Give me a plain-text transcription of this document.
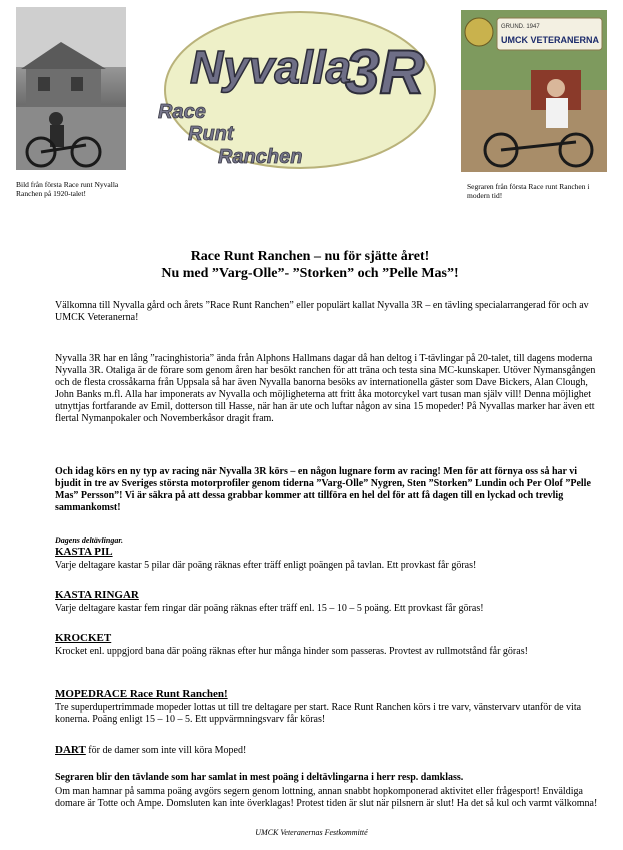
Bild från första Race runt Nyvalla Ranchen på 1920-talet!
Nyvalla
3R
Race
Runt
Ranchen
GRUND. 1947
UMCK VETERANERNA
Segraren från första Race runt Ranchen i modern tid!
Race Runt Ranchen – nu för sjätte året!
Nu med ”Varg-Olle”- ”Storken” och ”Pelle Mas”!
Välkomna till Nyvalla gård och årets ”Race Runt Ranchen” eller populärt kallat Nyvalla 3R – en tävling specialarrangerad för och av UMCK Veteranerna!
Nyvalla 3R har en lång ”racinghistoria” ända från Alphons Hallmans dagar då han deltog i T-tävlingar på 20-talet, till dagens moderna Nyvalla 3R. Otaliga är de förare som genom åren har besökt ranchen för att träna och testa sina MC-kunskaper. Utöver Nymansgången och de flesta crossåkarna från Uppsala så har även Nyvalla banorna besöks av internationella gäster som Dave Bickers, Alan Clough, John Banks m.fl. Alla har imponerats av Nyvalla och möjligheterna att fritt åka motorcykel vart tusan man själv vill! Denna möjlighet utnyttjas fortfarande av Emil, dotterson till Hasse, när han är ute och luftar någon av sina 15 mopeder! På Nyvallas marker har även ett flertal Nymanpokaler och Novemberkåsor dragit fram.
Och idag körs en ny typ av racing när Nyvalla 3R körs – en någon lugnare form av racing! Men för att förnya oss så har vi bjudit in tre av Sveriges största motorprofiler genom tiderna ”Varg-Olle” Nygren, Sten ”Storken” Lundin och Per Olof ”Pelle Mas” Persson”! Vi är säkra på att dessa grabbar kommer att tillföra en hel del för att få dagen till en lyckad och trevlig sammankomst!
Dagens deltävlingar.
KASTA PIL
Varje deltagare kastar 5 pilar där poäng räknas efter träff enligt poängen på tavlan. Ett provkast får göras!
KASTA RINGAR
Varje deltagare kastar fem ringar där poäng räknas efter träff enl. 15 – 10 – 5 poäng. Ett provkast får göras!
KROCKET
Krocket enl. uppgjord bana där poäng räknas efter hur många hinder som passeras. Provtest av rullmotstånd får göras!
MOPEDRACE Race Runt Ranchen!
Tre superdupertrimmade mopeder lottas ut till tre deltagare per start. Race Runt Ranchen körs i tre varv, vänstervarv utanför de vita konerna. Poäng enligt 15 – 10 – 5. Ett uppvärmningsvarv får köras!
DART för de damer som inte vill köra Moped!
Segraren blir den tävlande som har samlat in mest poäng i deltävlingarna i herr resp. damklass.
Om man hamnar på samma poäng avgörs segern genom lottning, annan snabbt hopkomponerad aktivitet eller frågesport! Enväldiga domare är Totte och Ampe. Domsluten kan inte överklagas! Protest tiden är slut när pilsnern är slut! Ha det så kul och varmt välkomna!
UMCK Veteranernas Festkommitté
